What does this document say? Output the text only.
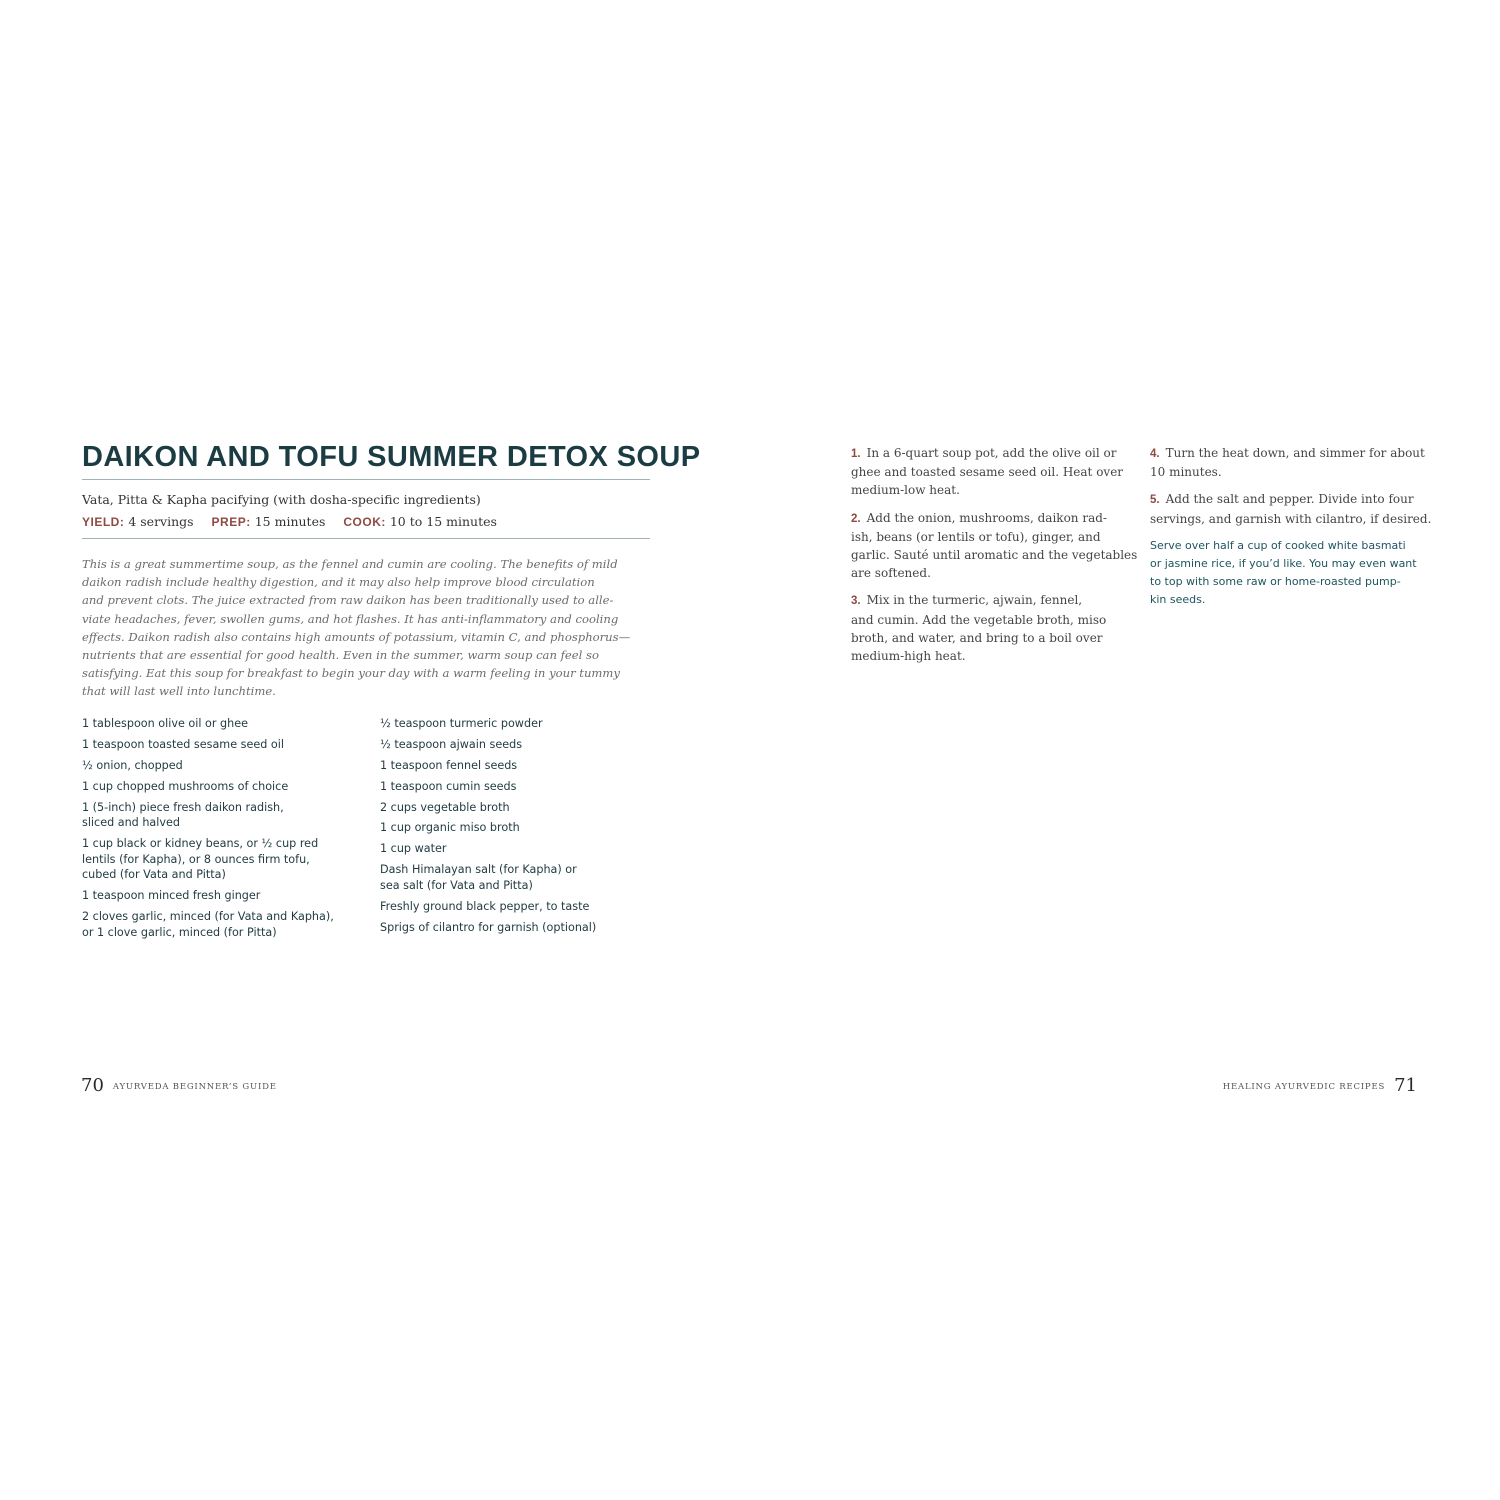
DAIKON AND TOFU SUMMER DETOX SOUP
Vata, Pitta & Kapha pacifying (with dosha-specific ingredients)
YIELD: 4 servings PREP: 15 minutes COOK: 10 to 15 minutes
This is a great summertime soup, as the fennel and cumin are cooling. The benefits of mild
daikon radish include healthy digestion, and it may also help improve blood circulation
and prevent clots. The juice extracted from raw daikon has been traditionally used to alle-
viate headaches, fever, swollen gums, and hot flashes. It has anti-inflammatory and cooling
effects. Daikon radish also contains high amounts of potassium, vitamin C, and phosphorus—
nutrients that are essential for good health. Even in the summer, warm soup can feel so
satisfying. Eat this soup for breakfast to begin your day with a warm feeling in your tummy
that will last well into lunchtime.
1 tablespoon olive oil or ghee
1 teaspoon toasted sesame seed oil
½ onion, chopped
1 cup chopped mushrooms of choice
1 (5-inch) piece fresh daikon radish,
sliced and halved
1 cup black or kidney beans, or ½ cup red
lentils (for Kapha), or 8 ounces firm tofu,
cubed (for Vata and Pitta)
1 teaspoon minced fresh ginger
2 cloves garlic, minced (for Vata and Kapha),
or 1 clove garlic, minced (for Pitta)
½ teaspoon turmeric powder
½ teaspoon ajwain seeds
1 teaspoon fennel seeds
1 teaspoon cumin seeds
2 cups vegetable broth
1 cup organic miso broth
1 cup water
Dash Himalayan salt (for Kapha) or
sea salt (for Vata and Pitta)
Freshly ground black pepper, to taste
Sprigs of cilantro for garnish (optional)
1. In a 6-quart soup pot, add the olive oil or
ghee and toasted sesame seed oil. Heat over
medium-low heat.
2. Add the onion, mushrooms, daikon rad-
ish, beans (or lentils or tofu), ginger, and
garlic. Sauté until aromatic and the vegetables
are softened.
3. Mix in the turmeric, ajwain, fennel,
and cumin. Add the vegetable broth, miso
broth, and water, and bring to a boil over
medium-high heat.
4. Turn the heat down, and simmer for about
10 minutes.
5. Add the salt and pepper. Divide into four
servings, and garnish with cilantro, if desired.
Serve over half a cup of cooked white basmati
or jasmine rice, if you’d like. You may even want
to top with some raw or home-roasted pump-
kin seeds.
70 AYURVEDA BEGINNER’S GUIDE	HEALING AYURVEDIC RECIPES 71
